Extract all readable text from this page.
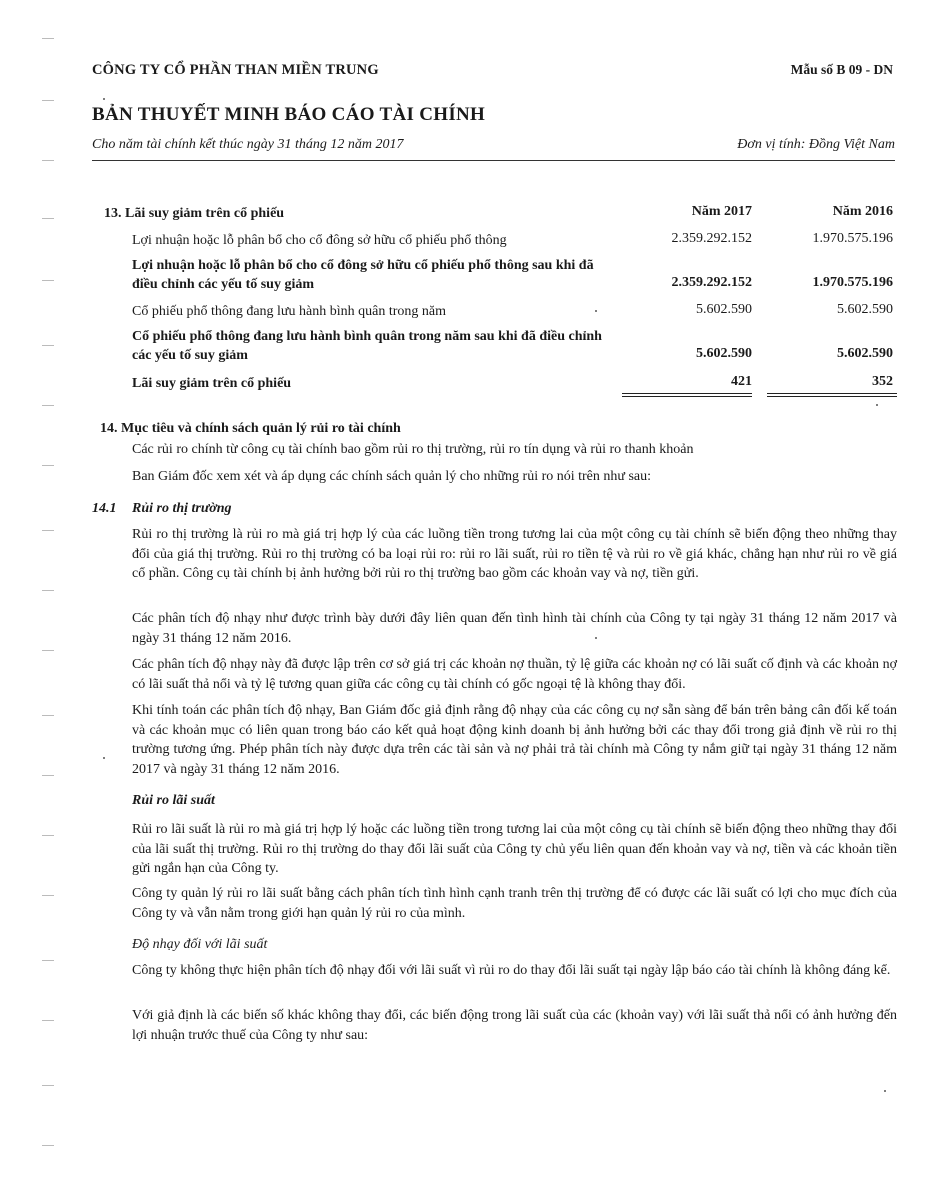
CÔNG TY CỔ PHẦN THAN MIỀN TRUNG	Mẫu số B 09 - DN
BẢN THUYẾT MINH BÁO CÁO TÀI CHÍNH
Cho năm tài chính kết thúc ngày 31 tháng 12 năm 2017	Đơn vị tính: Đồng Việt Nam
13. Lãi suy giảm trên cổ phiếu	Năm 2017	Năm 2016
Lợi nhuận hoặc lỗ phân bổ cho cổ đông sở hữu cổ phiếu phổ thông	2.359.292.152	1.970.575.196
Lợi nhuận hoặc lỗ phân bổ cho cổ đông sở hữu cổ phiếu phổ thông sau khi đã điều chỉnh các yếu tố suy giảm	2.359.292.152	1.970.575.196
Cổ phiếu phổ thông đang lưu hành bình quân trong năm	5.602.590	5.602.590
Cổ phiếu phổ thông đang lưu hành bình quân trong năm sau khi đã điều chỉnh các yếu tố suy giảm	5.602.590	5.602.590
Lãi suy giảm trên cổ phiếu	421	352
14. Mục tiêu và chính sách quản lý rủi ro tài chính
Các rủi ro chính từ công cụ tài chính bao gồm rủi ro thị trường, rủi ro tín dụng và rủi ro thanh khoản
Ban Giám đốc xem xét và áp dụng các chính sách quản lý cho những rủi ro nói trên như sau:
14.1 Rủi ro thị trường
Rủi ro thị trường là rủi ro mà giá trị hợp lý của các luồng tiền trong tương lai của một công cụ tài chính sẽ biến động theo những thay đổi của giá thị trường. Rủi ro thị trường có ba loại rủi ro: rủi ro lãi suất, rủi ro tiền tệ và rủi ro về giá khác, chẳng hạn như rủi ro về giá cổ phần. Công cụ tài chính bị ảnh hưởng bởi rủi ro thị trường bao gồm các khoản vay và nợ, tiền gửi.
Các phân tích độ nhạy như được trình bày dưới đây liên quan đến tình hình tài chính của Công ty tại ngày 31 tháng 12 năm 2017 và ngày 31 tháng 12 năm 2016.
Các phân tích độ nhạy này đã được lập trên cơ sở giá trị các khoản nợ thuần, tỷ lệ giữa các khoản nợ có lãi suất cố định và các khoản nợ có lãi suất thả nổi và tỷ lệ tương quan giữa các công cụ tài chính có gốc ngoại tệ là không thay đổi.
Khi tính toán các phân tích độ nhạy, Ban Giám đốc giả định rằng độ nhạy của các công cụ nợ sẵn sàng để bán trên bảng cân đối kế toán và các khoản mục có liên quan trong báo cáo kết quả hoạt động kinh doanh bị ảnh hưởng bởi các thay đổi trong giả định về rủi ro thị trường tương ứng. Phép phân tích này được dựa trên các tài sản và nợ phải trả tài chính mà Công ty nắm giữ tại ngày 31 tháng 12 năm 2017 và ngày 31 tháng 12 năm 2016.
Rủi ro lãi suất
Rủi ro lãi suất là rủi ro mà giá trị hợp lý hoặc các luồng tiền trong tương lai của một công cụ tài chính sẽ biến động theo những thay đổi của lãi suất thị trường. Rủi ro thị trường do thay đổi lãi suất của Công ty chủ yếu liên quan đến khoản vay và nợ, tiền và các khoản tiền gửi ngắn hạn của Công ty.
Công ty quản lý rủi ro lãi suất bằng cách phân tích tình hình cạnh tranh trên thị trường để có được các lãi suất có lợi cho mục đích của Công ty và vẫn nằm trong giới hạn quản lý rủi ro của mình.
Độ nhạy đối với lãi suất
Công ty không thực hiện phân tích độ nhạy đối với lãi suất vì rủi ro do thay đổi lãi suất tại ngày lập báo cáo tài chính là không đáng kể.
Với giả định là các biến số khác không thay đổi, các biến động trong lãi suất của các (khoản vay) với lãi suất thả nổi có ảnh hưởng đến lợi nhuận trước thuế của Công ty như sau:
